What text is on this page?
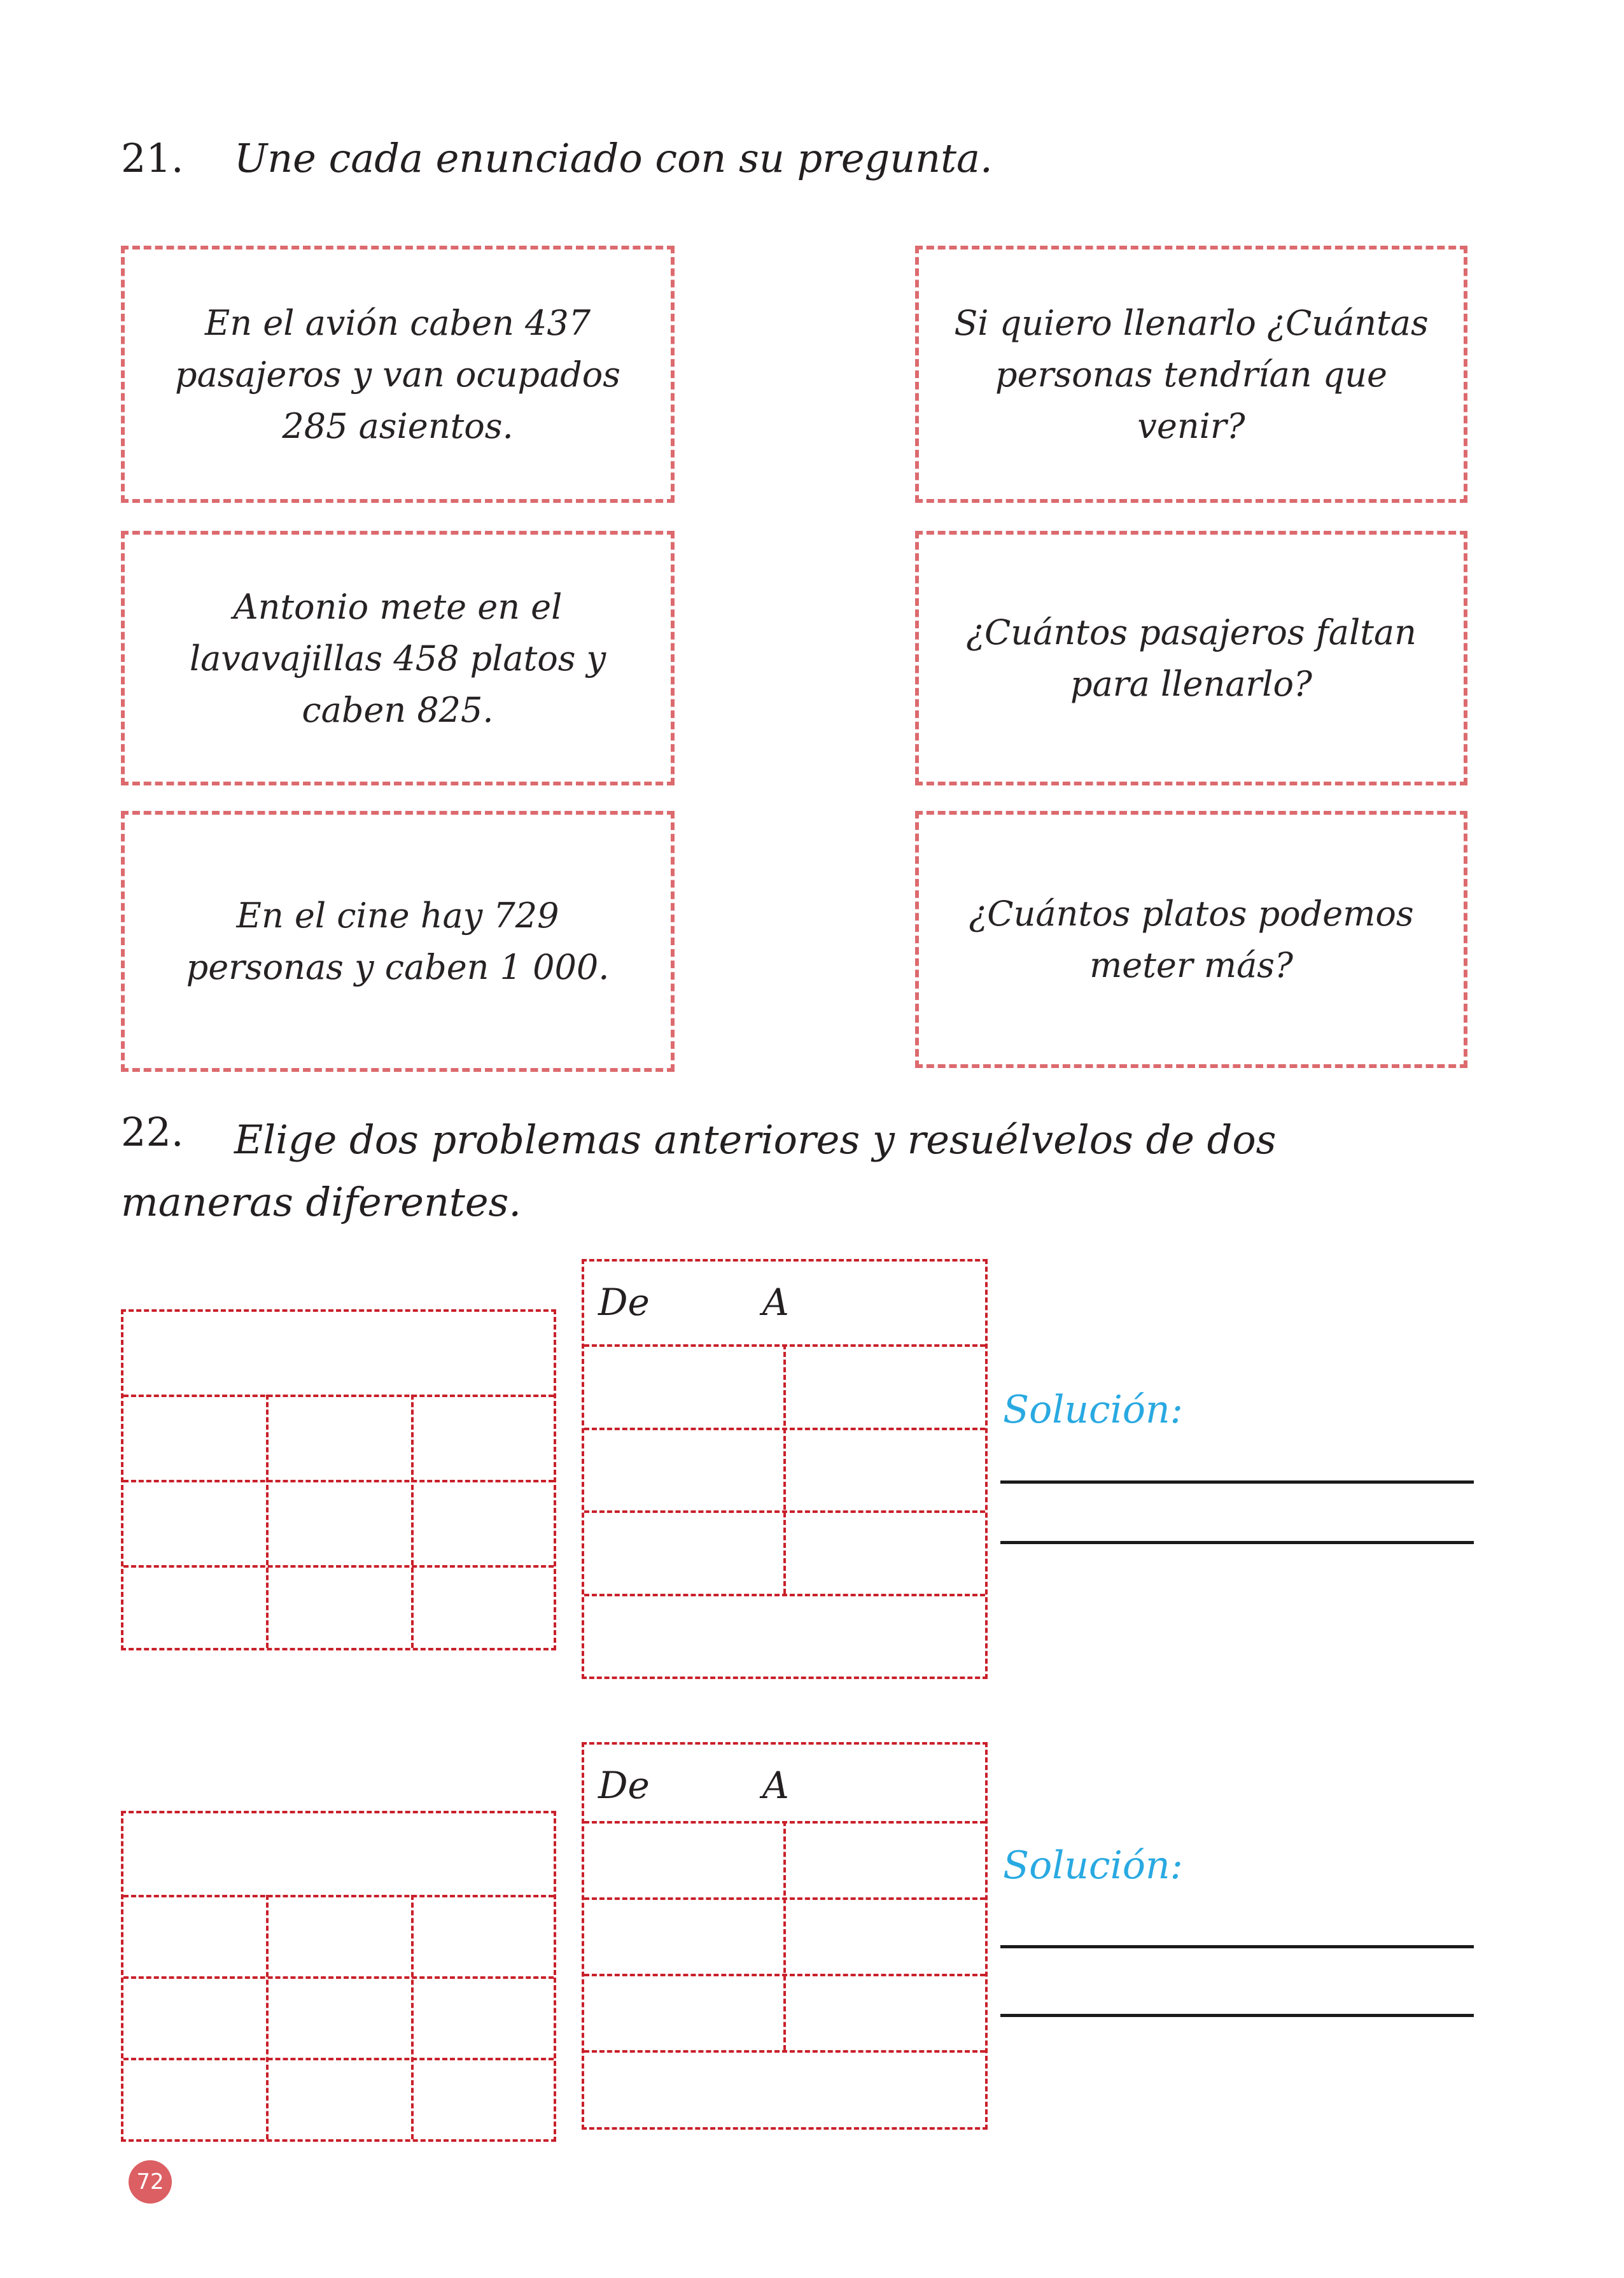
21. Une cada enunciado con su pregunta.
En el avión caben 437 pasajeros y van ocupados 285 asientos.
Antonio mete en el lavavajillas 458 platos y caben 825.
En el cine hay 729 personas y caben 1 000.
Si quiero llenarlo ¿Cuántas personas tendrían que venir?
¿Cuántos pasajeros faltan para llenarlo?
¿Cuántos platos podemos meter más?
22.	Elige dos problemas anteriores y resuélvelos de dos maneras diferentes.

De	A
Solución:
De	A
Solución:
72
